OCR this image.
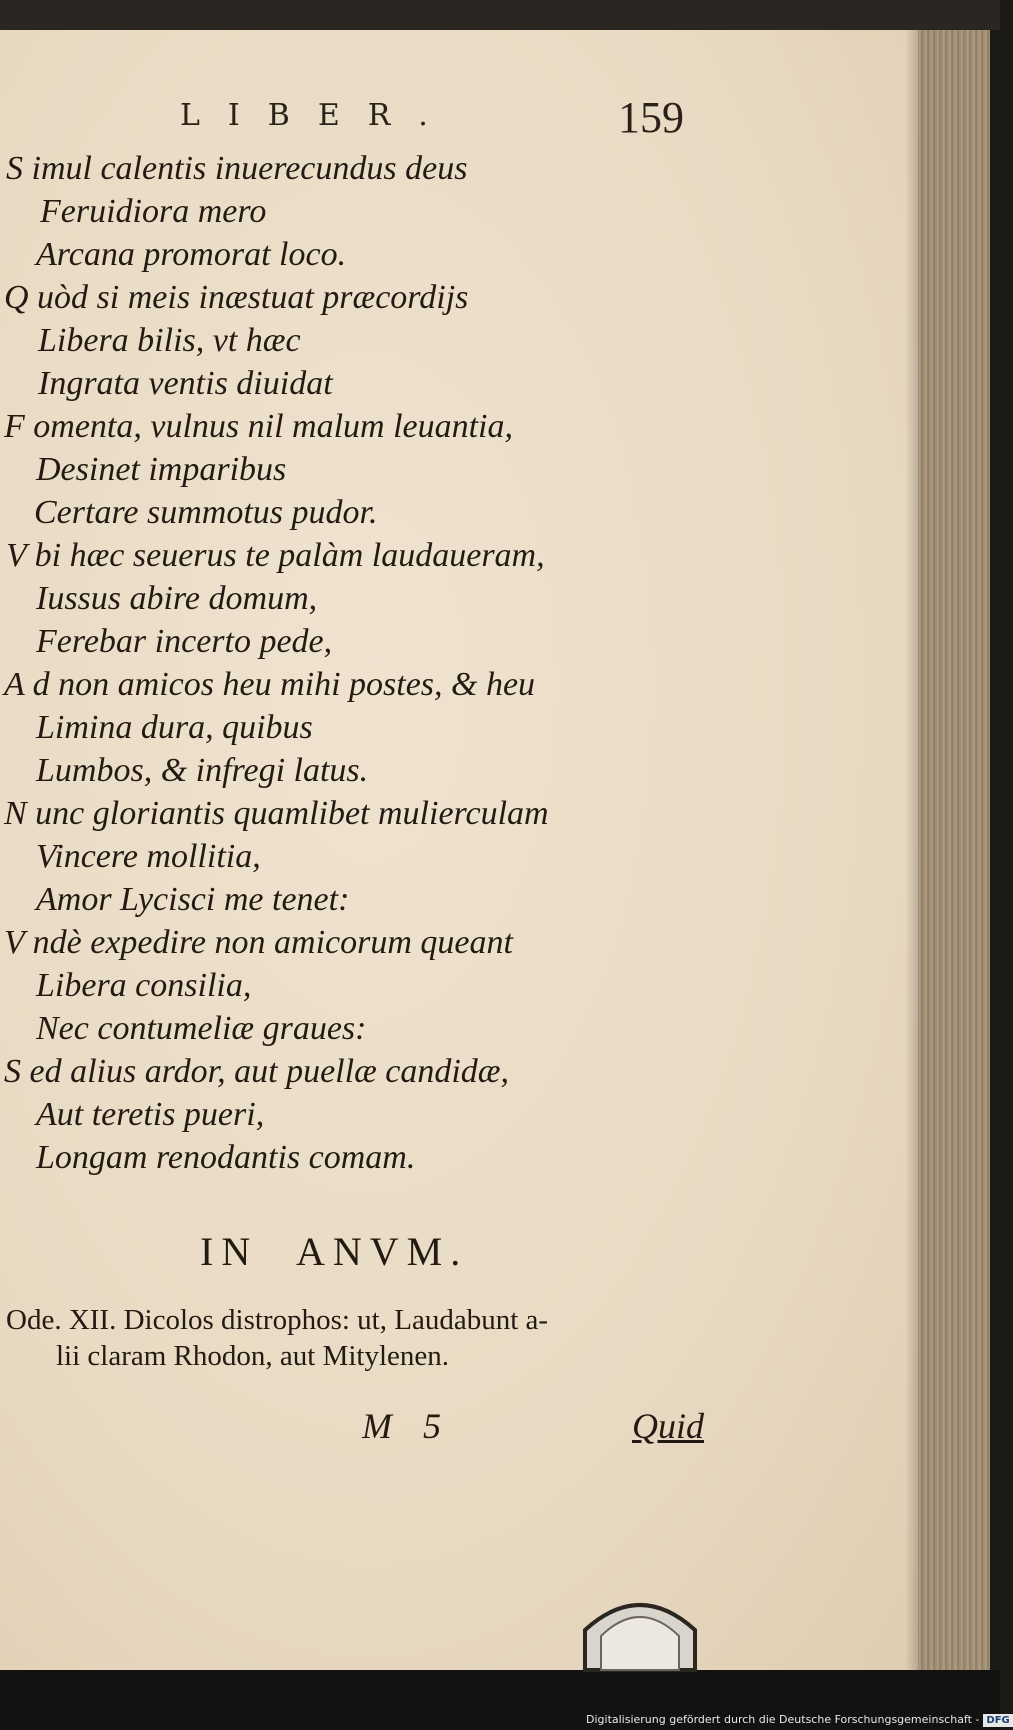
LIBER.	159
S imul calentis inuerecundus deus
Feruidiora mero
Arcana promorat loco.
Q uòd si meis inæstuat præcordijs
Libera bilis, vt hæc
Ingrata ventis diuidat
F omenta, vulnus nil malum leuantia,
Desinet imparibus
Certare summotus pudor.
V bi hæc seuerus te palàm laudaueram,
Iussus abire domum,
Ferebar incerto pede,
A d non amicos heu mihi postes, & heu
Limina dura, quibus
Lumbos, & infregi latus.
N unc gloriantis quamlibet mulierculam
Vincere mollitia,
Amor Lycisci me tenet:
V ndè expedire non amicorum queant
Libera consilia,
Nec contumeliæ graues:
S ed alius ardor, aut puellæ candidæ,
Aut teretis pueri,
Longam renodantis comam.
IN ANVM.
Ode. XII. Dicolos distrophos: ut, Laudabunt a-
lii claram Rhodon, aut Mitylenen.
M 5	Quid
Digitalisierung gefördert durch die Deutsche Forschungsgemeinschaft - DFG
